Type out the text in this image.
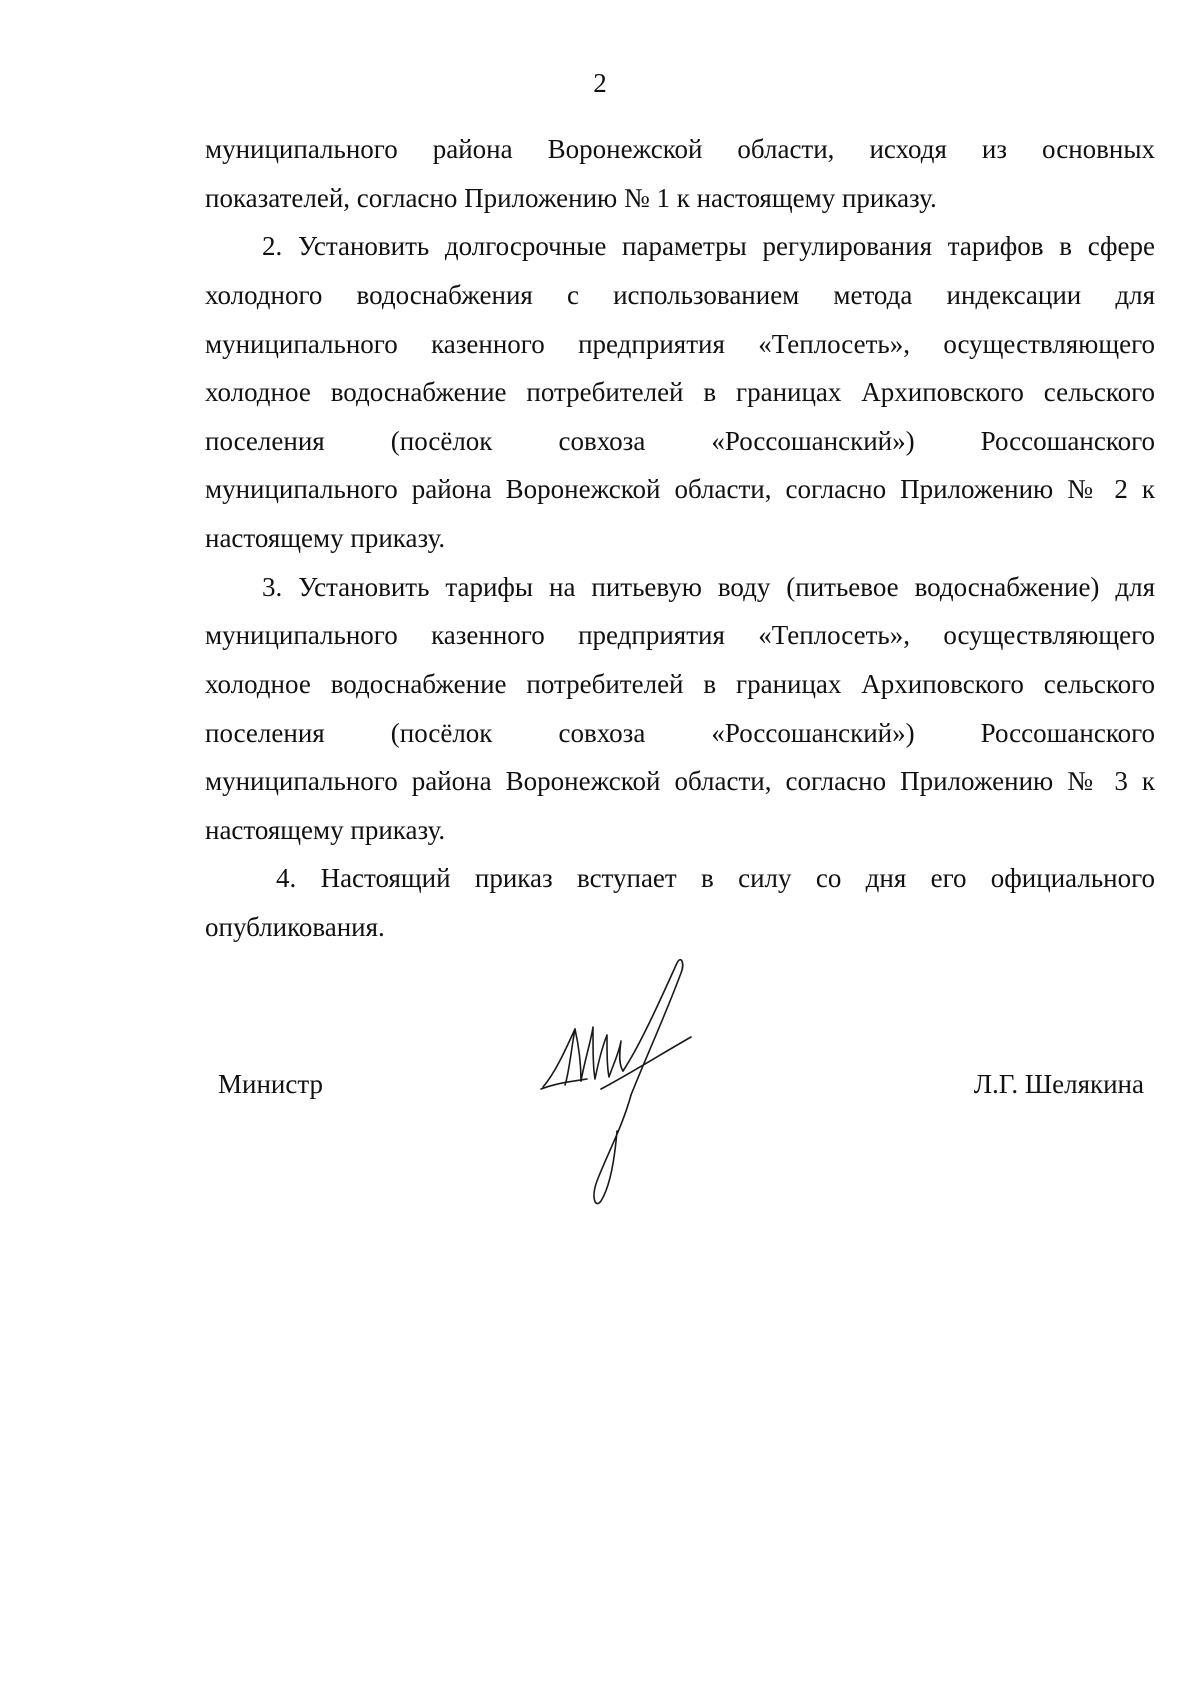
2
муниципального района Воронежской области, исходя из основных
показателей, согласно Приложению № 1 к настоящему приказу.
2. Установить долгосрочные параметры регулирования тарифов в сфере
холодного водоснабжения с использованием метода индексации для
муниципального казенного предприятия «Теплосеть», осуществляющего
холодное водоснабжение потребителей в границах Архиповского сельского
поселения (посёлок совхоза «Россошанский») Россошанского
муниципального района Воронежской области, согласно Приложению № 2 к
настоящему приказу.
3. Установить тарифы на питьевую воду (питьевое водоснабжение) для
муниципального казенного предприятия «Теплосеть», осуществляющего
холодное водоснабжение потребителей в границах Архиповского сельского
поселения (посёлок совхоза «Россошанский») Россошанского
муниципального района Воронежской области, согласно Приложению № 3 к
настоящему приказу.
4. Настоящий приказ вступает в силу со дня его официального
опубликования.
Министр	Л.Г. Шелякина
